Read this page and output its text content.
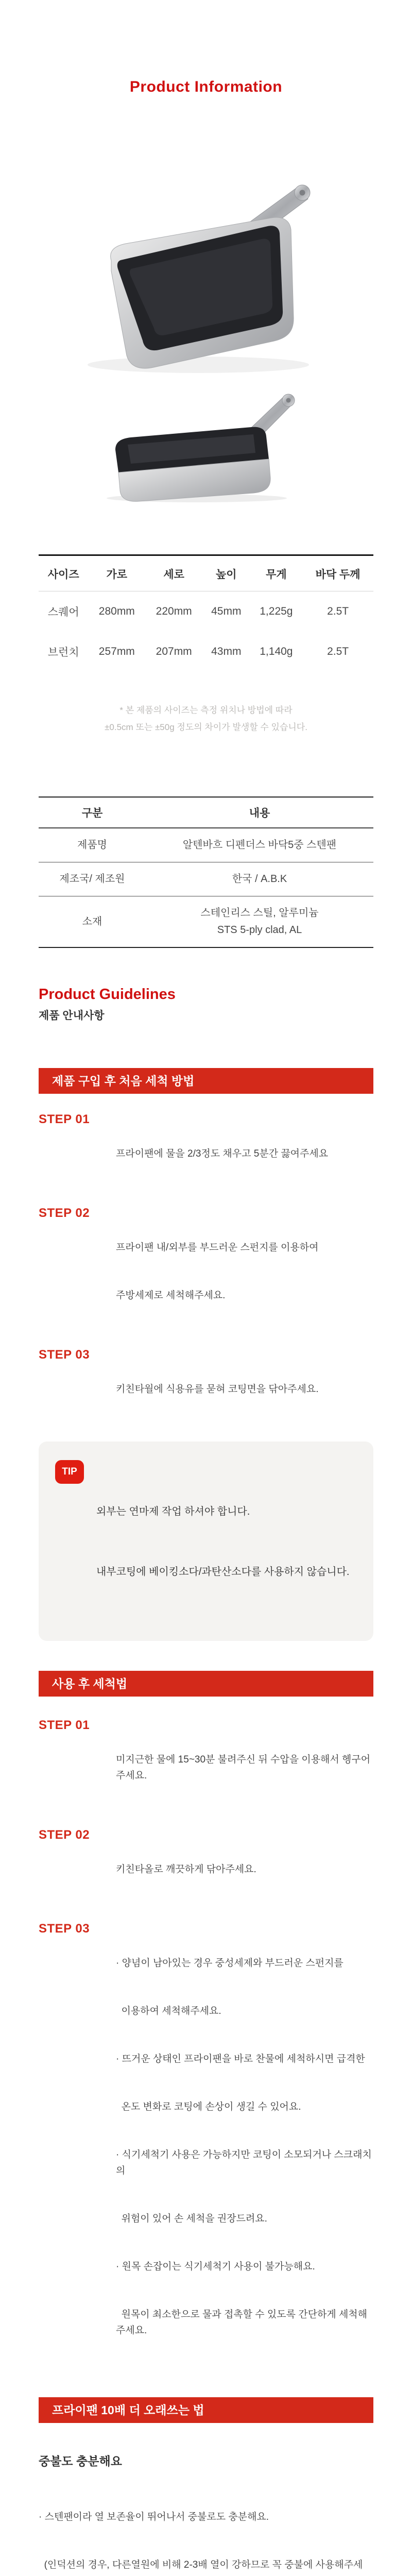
Product Information
사이즈	가로	세로	높이	무게	바닥 두께
스퀘어	280mm	220mm	45mm	1,225g	2.5T
브런치	257mm	207mm	43mm	1,140g	2.5T
* 본 제품의 사이즈는 측정 위치나 방법에 따라
±0.5cm 또는 ±50g 정도의 차이가 발생할 수 있습니다.
구분	내용
제품명	알텐바흐 디펜더스 바닥5중 스텐팬

제조국/ 제조원	한국 / A.B.K

소재	스테인리스 스틸, 알루미늄
STS 5-ply clad, AL
Product Guidelines
제품 안내사항
제품 구입 후 처음 세척 방법
STEP 01

프라이팬에 물을 2/3정도 채우고 5분간 끓여주세요

STEP 02

프라이팬 내/외부를 부드러운 스펀지를 이용하여

주방세제로 세척해주세요.

STEP 03

키친타월에 식용유를 묻혀 코팅면을 닦아주세요.

TIP

외부는 연마제 작업 하셔야 합니다.

내부코팅에 베이킹소다/과탄산소다를 사용하지 않습니다.

사용 후 세척법
STEP 01

미지근한 물에 15~30분 불려주신 뒤 수압을 이용해서 헹구어주세요.

STEP 02

키친타올로 깨끗하게 닦아주세요.

STEP 03

· 양념이 남아있는 경우 중성세제와 부드러운 스펀지를

이용하여 세척해주세요.

· 뜨거운 상태인 프라이팬을 바로 찬물에 세척하시면 급격한

온도 변화로 코팅에 손상이 생길 수 있어요.

· 식기세척기 사용은 가능하지만 코팅이 소모되거나 스크래치의

위험이 있어 손 세척을 권장드려요.

· 원목 손잡이는 식기세척기 사용이 불가능해요.

원목이 최소한으로 물과 접촉할 수 있도록 간단하게 세척해주세요.

프라이팬 10배 더 오래쓰는 법
중불도 충분해요

· 스텐팬이라 열 보존율이 뛰어나서 중불로도 충분해요.

(인덕션의 경우, 다른열원에 비해 2-3배 열이 강하므로 꼭 중불에 사용해주세
